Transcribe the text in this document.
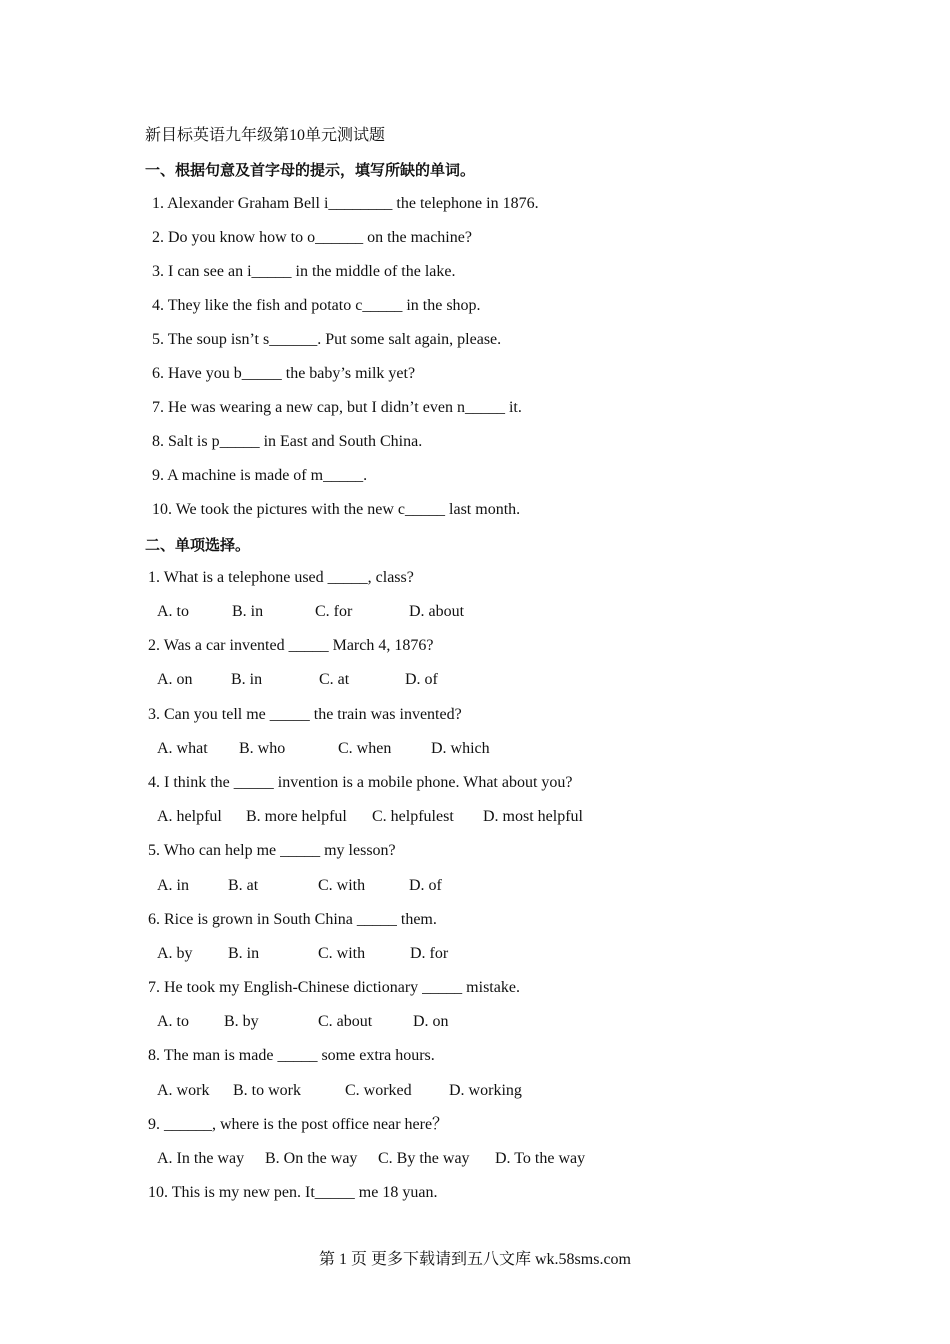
新目标英语九年级第10单元测试题
一、根据句意及首字母的提示，填写所缺的单词。
1. Alexander Graham Bell i________ the telephone in 1876.
2. Do you know how to o______ on the machine?
3. I can see an i_____ in the middle of the lake.
4. They like the fish and potato c_____ in the shop.
5. The soup isn’t s______. Put some salt again, please.
6. Have you b_____ the baby’s milk yet?
7. He was wearing a new cap, but I didn’t even n_____ it.
8. Salt is p_____ in East and South China.
9. A machine is made of m_____.
10. We took the pictures with the new c_____ last month.
二、单项选择。
1. What is a telephone used _____, class?
A. to	B. in	C. for	D. about
2. Was a car invented _____ March 4, 1876?
A. on B. in	C. at	D. of
3. Can you tell me _____ the train was invented?
A. what B. who	C. when D. which
4. I think the _____ invention is a mobile phone. What about you?
A. helpful B. more helpful C. helpfulest D. most helpful
5. Who can help me _____ my lesson?
A. in B. at	C. with	D. of
6. Rice is grown in South China _____ them.
A. by B. in	C. with	D. for
7. He took my English-Chinese dictionary _____ mistake.
A. to B. by	C. about	D. on
8. The man is made _____ some extra hours.
A. work B. to work	C. worked D. working
9. ______, where is the post office near here？
A. In the way B. On the way C. By the way D. To the way
10. This is my new pen. It_____ me 18 yuan.
第 1 页 更多下载请到五八文库 wk.58sms.com
